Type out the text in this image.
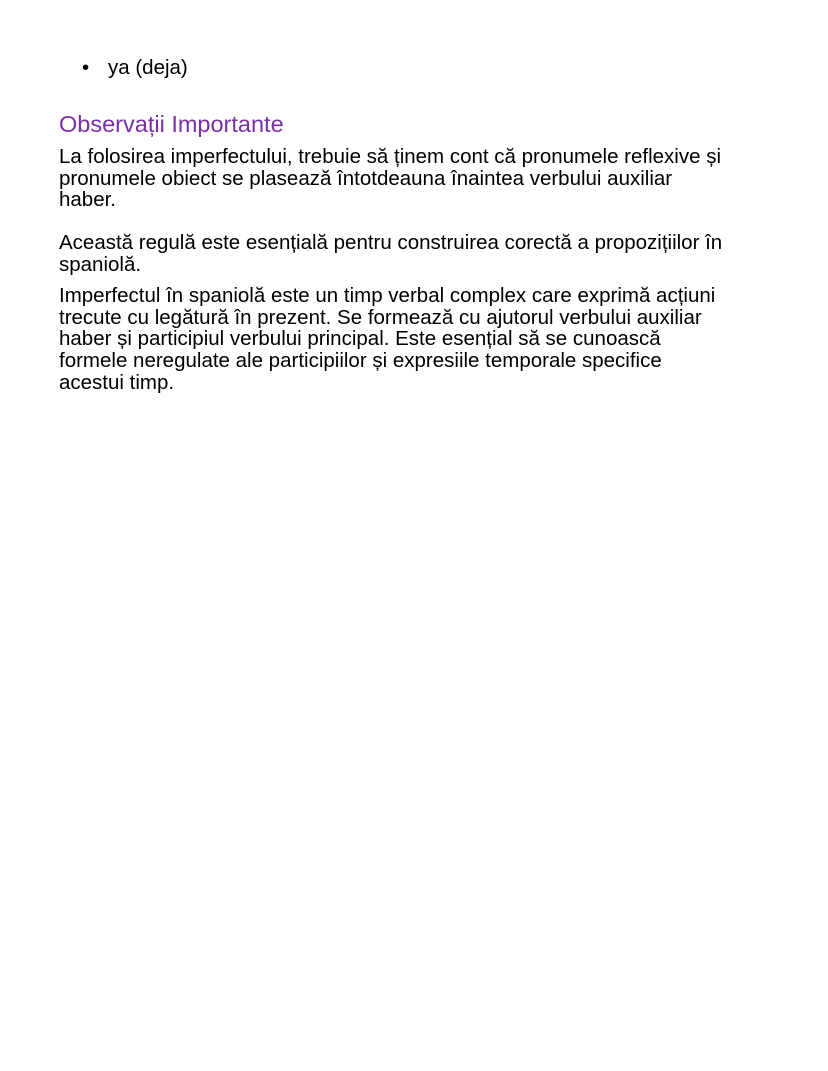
• ya (deja)
Observații Importante

La folosirea imperfectului, trebuie să ținem cont că pronumele reflexive și
pronumele obiect se plasează întotdeauna înaintea verbului auxiliar
haber.

Această regulă este esențială pentru construirea corectă a propozițiilor în
spaniolă.

Imperfectul în spaniolă este un timp verbal complex care exprimă acțiuni
trecute cu legătură în prezent. Se formează cu ajutorul verbului auxiliar
haber și participiul verbului principal. Este esențial să se cunoască
formele neregulate ale participiilor și expresiile temporale specifice
acestui timp.
